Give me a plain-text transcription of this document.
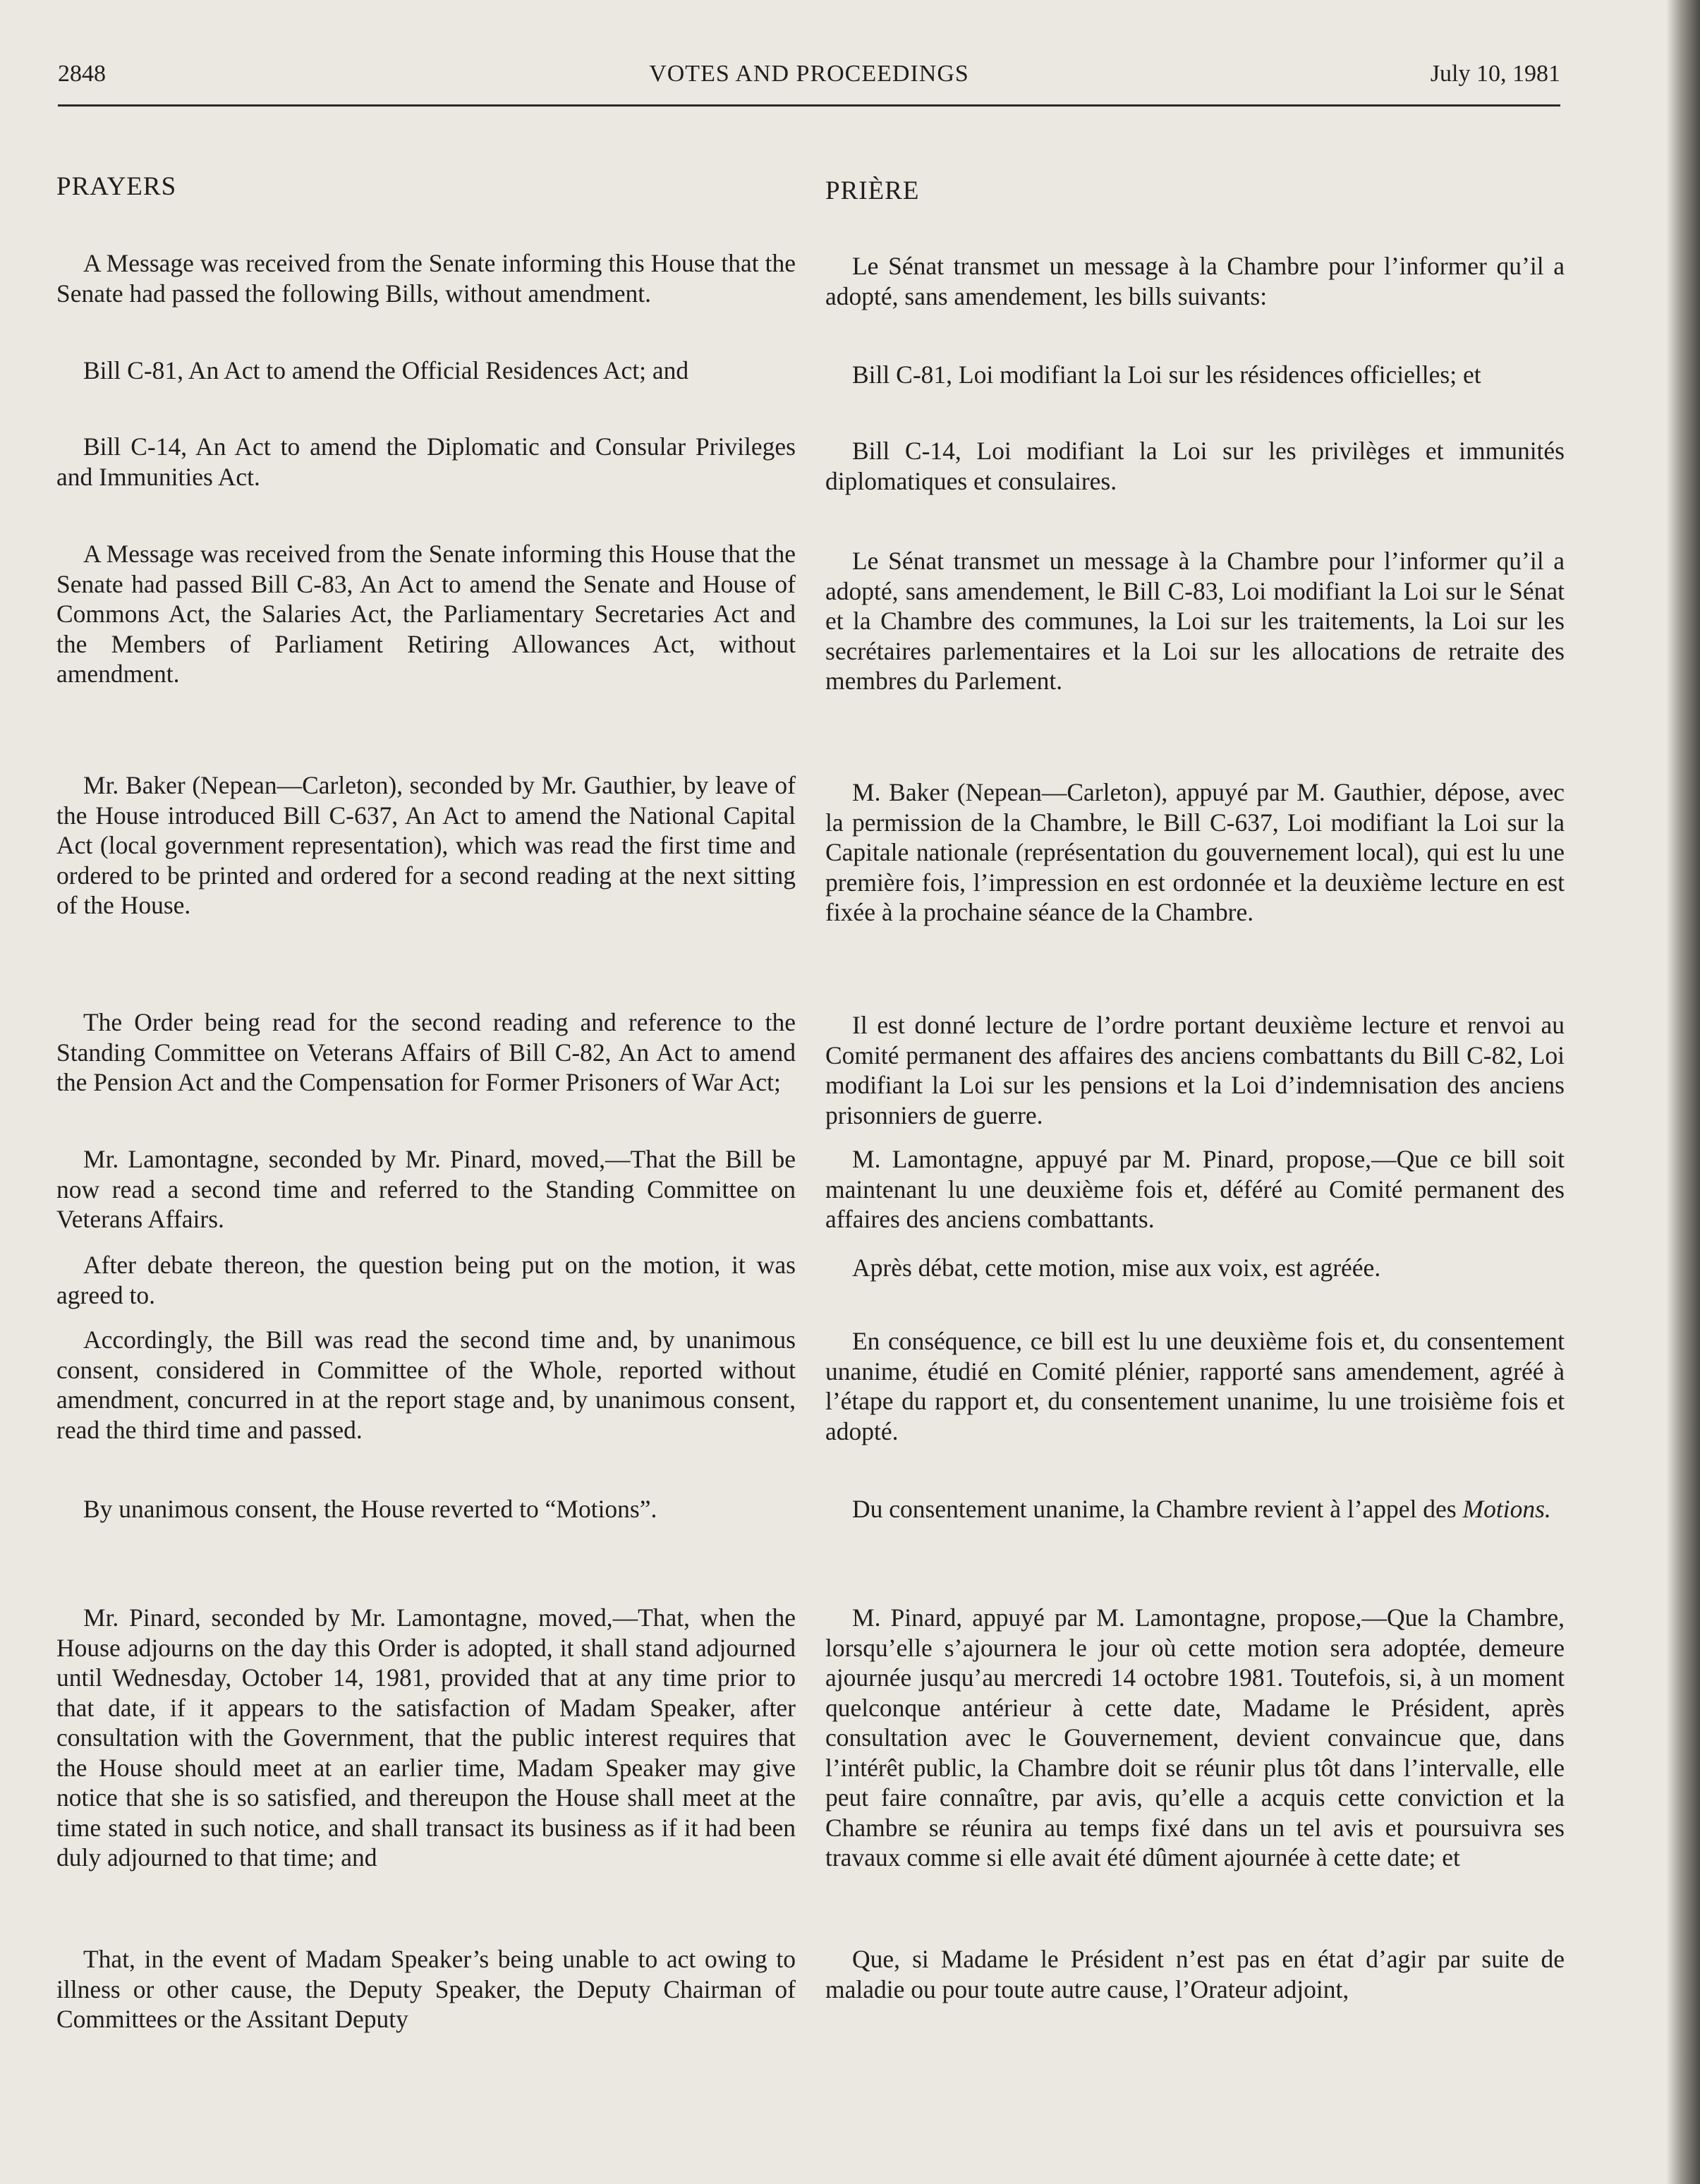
2848	VOTES AND PROCEEDINGS	July 10, 1981
PRAYERS

A Message was received from the Senate informing this House that the Senate had passed the following Bills, without amendment.

Bill C-81, An Act to amend the Official Residences Act; and

Bill C-14, An Act to amend the Diplomatic and Consular Privileges and Immunities Act.

A Message was received from the Senate informing this House that the Senate had passed Bill C-83, An Act to amend the Senate and House of Commons Act, the Salaries Act, the Parliamentary Secretaries Act and the Members of Parliament Retiring Allowances Act, without amendment.

Mr. Baker (Nepean—Carleton), seconded by Mr. Gauthier, by leave of the House introduced Bill C-637, An Act to amend the National Capital Act (local government representation), which was read the first time and ordered to be printed and ordered for a second reading at the next sitting of the House.

The Order being read for the second reading and reference to the Standing Committee on Veterans Affairs of Bill C-82, An Act to amend the Pension Act and the Compensation for Former Prisoners of War Act;

Mr. Lamontagne, seconded by Mr. Pinard, moved,—That the Bill be now read a second time and referred to the Standing Committee on Veterans Affairs.

After debate thereon, the question being put on the motion, it was agreed to.

Accordingly, the Bill was read the second time and, by unanimous consent, considered in Committee of the Whole, reported without amendment, concurred in at the report stage and, by unanimous consent, read the third time and passed.

By unanimous consent, the House reverted to “Motions”.

Mr. Pinard, seconded by Mr. Lamontagne, moved,—That, when the House adjourns on the day this Order is adopted, it shall stand adjourned until Wednesday, October 14, 1981, provided that at any time prior to that date, if it appears to the satisfaction of Madam Speaker, after consultation with the Government, that the public interest requires that the House should meet at an earlier time, Madam Speaker may give notice that she is so satisfied, and thereupon the House shall meet at the time stated in such notice, and shall transact its business as if it had been duly adjourned to that time; and

That, in the event of Madam Speaker’s being unable to act owing to illness or other cause, the Deputy Speaker, the Deputy Chairman of Committees or the Assitant Deputy

PRIÈRE

Le Sénat transmet un message à la Chambre pour l’informer qu’il a adopté, sans amendement, les bills suivants:

Bill C-81, Loi modifiant la Loi sur les résidences officielles; et

Bill C-14, Loi modifiant la Loi sur les privilèges et immunités diplomatiques et consulaires.

Le Sénat transmet un message à la Chambre pour l’informer qu’il a adopté, sans amendement, le Bill C-83, Loi modifiant la Loi sur le Sénat et la Chambre des communes, la Loi sur les traitements, la Loi sur les secrétaires parlementaires et la Loi sur les allocations de retraite des membres du Parlement.

M. Baker (Nepean—Carleton), appuyé par M. Gauthier, dépose, avec la permission de la Chambre, le Bill C-637, Loi modifiant la Loi sur la Capitale nationale (représentation du gouvernement local), qui est lu une première fois, l’impression en est ordonnée et la deuxième lecture en est fixée à la prochaine séance de la Chambre.

Il est donné lecture de l’ordre portant deuxième lecture et renvoi au Comité permanent des affaires des anciens combattants du Bill C-82, Loi modifiant la Loi sur les pensions et la Loi d’indemnisation des anciens prisonniers de guerre.

M. Lamontagne, appuyé par M. Pinard, propose,—Que ce bill soit maintenant lu une deuxième fois et, déféré au Comité permanent des affaires des anciens combattants.

Après débat, cette motion, mise aux voix, est agréée.

En conséquence, ce bill est lu une deuxième fois et, du consentement unanime, étudié en Comité plénier, rapporté sans amendement, agréé à l’étape du rapport et, du consentement unanime, lu une troisième fois et adopté.

Du consentement unanime, la Chambre revient à l’appel des Motions.

M. Pinard, appuyé par M. Lamontagne, propose,—Que la Chambre, lorsqu’elle s’ajournera le jour où cette motion sera adoptée, demeure ajournée jusqu’au mercredi 14 octobre 1981. Toutefois, si, à un moment quelconque antérieur à cette date, Madame le Président, après consultation avec le Gouvernement, devient convaincue que, dans l’intérêt public, la Chambre doit se réunir plus tôt dans l’intervalle, elle peut faire connaître, par avis, qu’elle a acquis cette conviction et la Chambre se réunira au temps fixé dans un tel avis et poursuivra ses travaux comme si elle avait été dûment ajournée à cette date; et

Que, si Madame le Président n’est pas en état d’agir par suite de maladie ou pour toute autre cause, l’Orateur adjoint,
